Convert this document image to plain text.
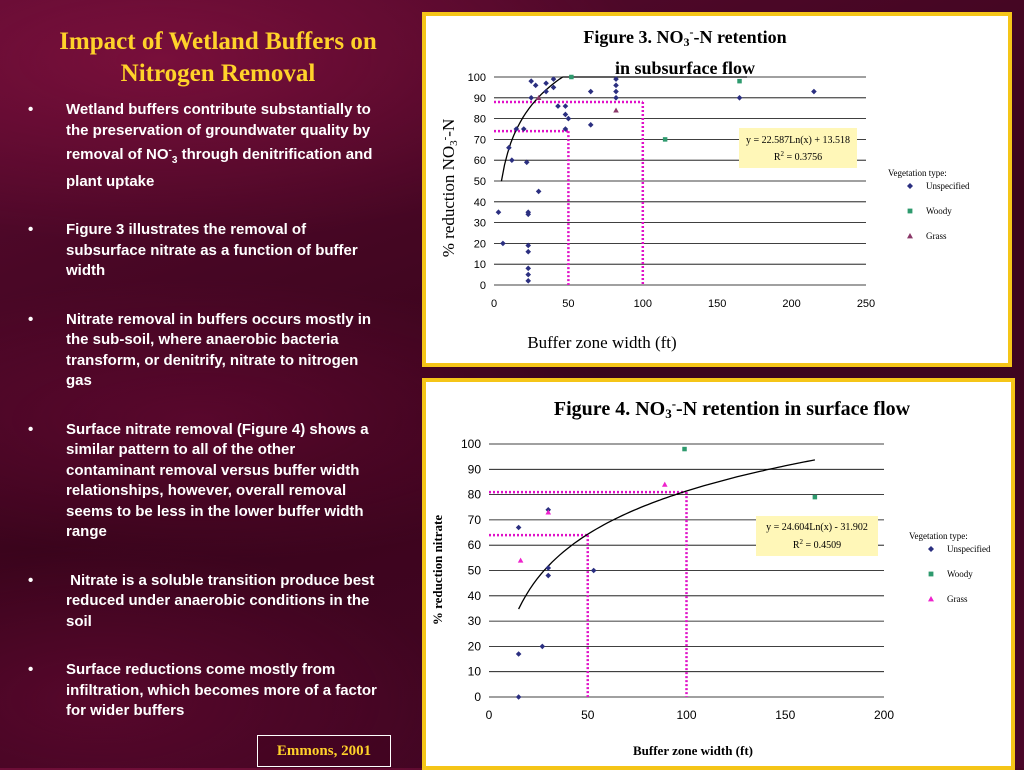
Impact of Wetland Buffers on Nitrogen Removal
• Wetland buffers contribute substantially to the preservation of groundwater quality by removal of $NO^-_3$ through denitrification and plant uptake
• Figure 3 illustrates the removal of subsurface nitrate as a function of buffer width
• Nitrate removal in buffers occurs mostly in the sub-soil, where anaerobic bacteria transform, or denitrify, nitrate to nitrogen gas
• Surface nitrate removal (Figure 4) shows a similar pattern to all of the other contaminant removal versus buffer width relationships, however, overall removal seems to be less in the lower buffer width range
•  Nitrate is a soluble transition produce best reduced under anaerobic conditions in the soil
• Surface reductions come mostly from infiltration, which becomes more of a factor for wider buffers
Emmons, 2001
Figure 3. NO3--N retention
in subsurface flow
Buffer zone width (ft)
% reduction NO3--N
0
10
20
30
40
50
60
70
80
90
100
0	50	100	150	200	250
y = 22.587Ln(x) + 13.518
$R^2 = 0.3756$
Vegetation type:
Unspecified
Woody
Grass
Figure 4. NO3--N retention in surface flow
Buffer zone width (ft)
% reduction nitrate
0
10
20
30
40
50
60
70
80
90
100
0	50	100	150	200
y = 24.604Ln(x) - 31.902
$R^2 = 0.4509$
Vegetation type:
Unspecified
Woody
Grass
